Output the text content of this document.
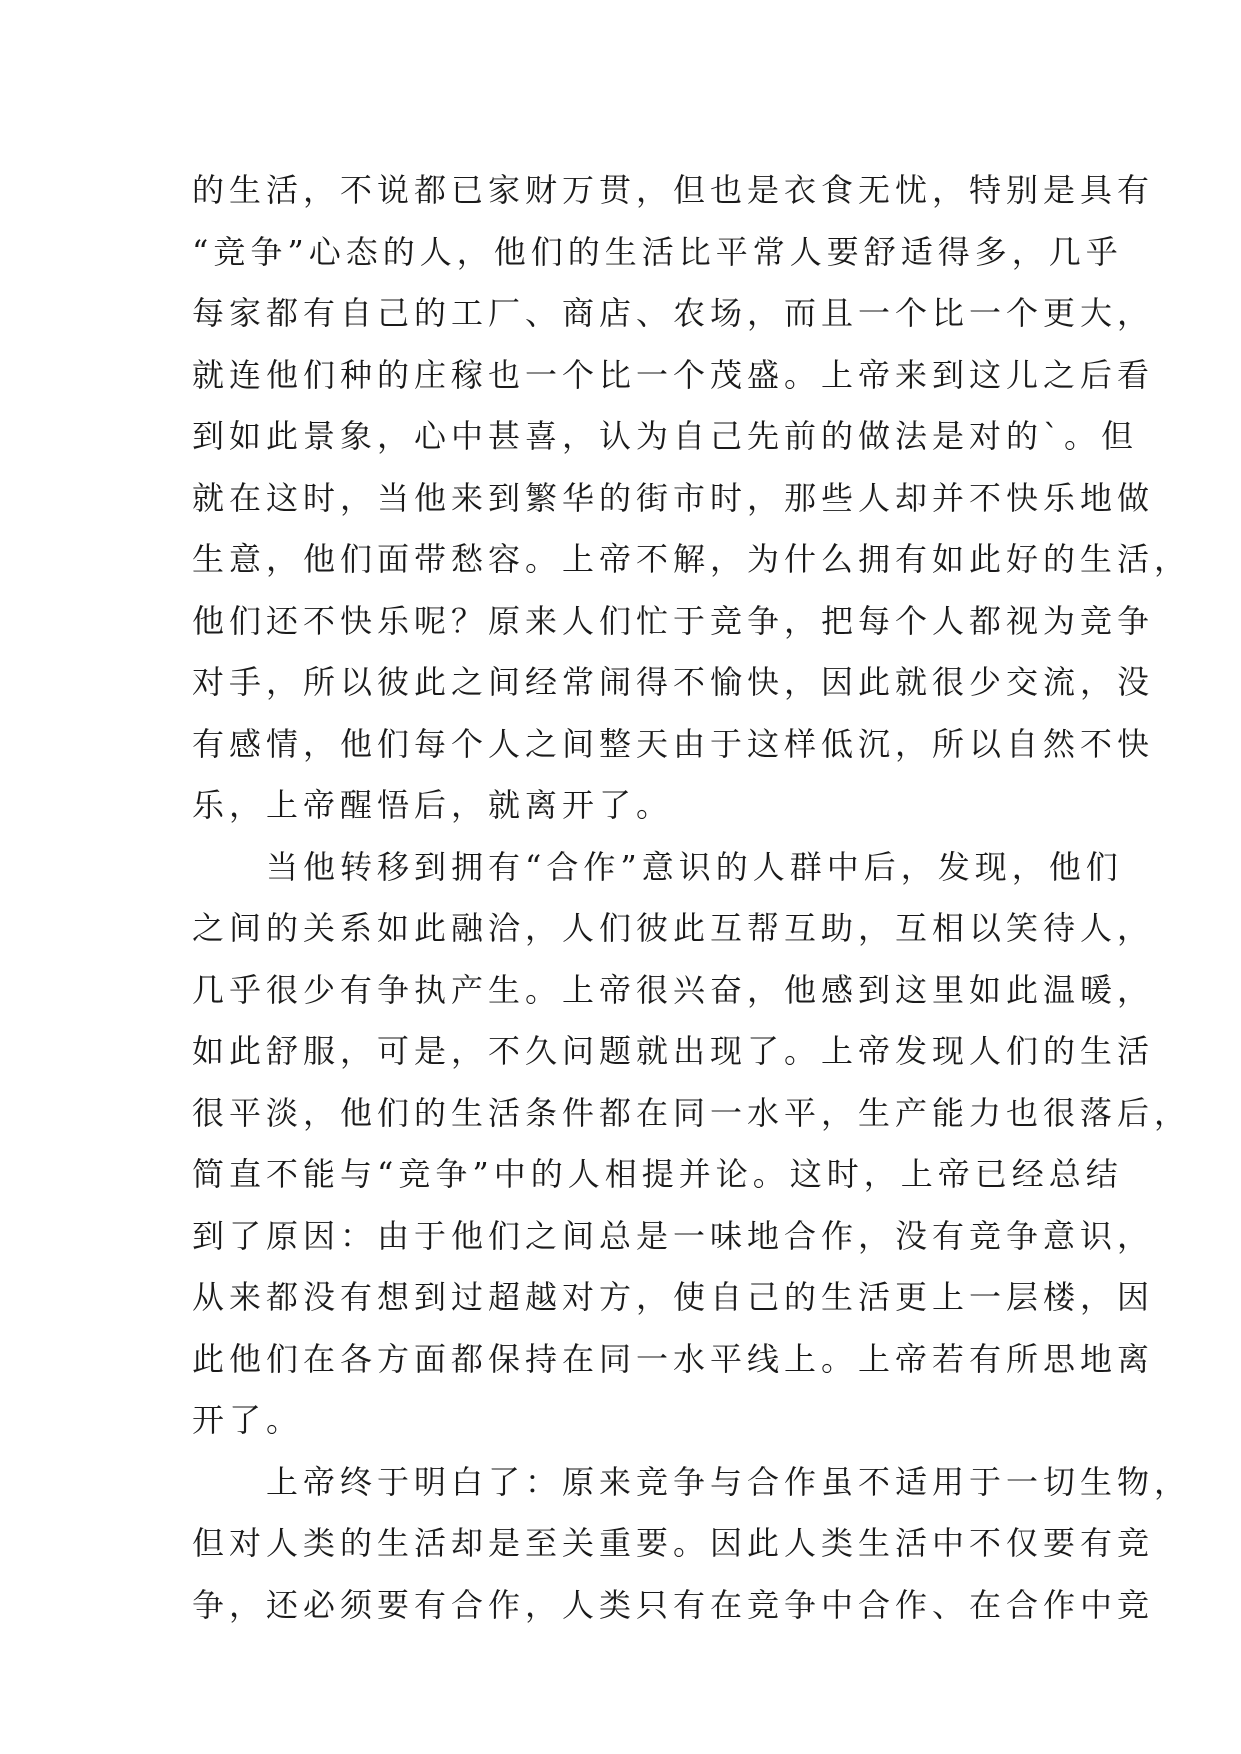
的生活，不说都已家财万贯，但也是衣食无忧，特别是具有
“竞争”心态的人，他们的生活比平常人要舒适得多，几乎
每家都有自己的工厂、商店、农场，而且一个比一个更大，
就连他们种的庄稼也一个比一个茂盛。上帝来到这儿之后看
到如此景象，心中甚喜，认为自己先前的做法是对的`。但
就在这时，当他来到繁华的街市时，那些人却并不快乐地做
生意，他们面带愁容。上帝不解，为什么拥有如此好的生活，
他们还不快乐呢？原来人们忙于竞争，把每个人都视为竞争
对手，所以彼此之间经常闹得不愉快，因此就很少交流，没
有感情，他们每个人之间整天由于这样低沉，所以自然不快
乐，上帝醒悟后，就离开了。
当他转移到拥有“合作”意识的人群中后，发现，他们
之间的关系如此融洽，人们彼此互帮互助，互相以笑待人，
几乎很少有争执产生。上帝很兴奋，他感到这里如此温暖，
如此舒服，可是，不久问题就出现了。上帝发现人们的生活
很平淡，他们的生活条件都在同一水平，生产能力也很落后，
简直不能与“竞争”中的人相提并论。这时，上帝已经总结
到了原因：由于他们之间总是一味地合作，没有竞争意识，
从来都没有想到过超越对方，使自己的生活更上一层楼，因
此他们在各方面都保持在同一水平线上。上帝若有所思地离
开了。
上帝终于明白了：原来竞争与合作虽不适用于一切生物，
但对人类的生活却是至关重要。因此人类生活中不仅要有竞
争，还必须要有合作，人类只有在竞争中合作、在合作中竞
